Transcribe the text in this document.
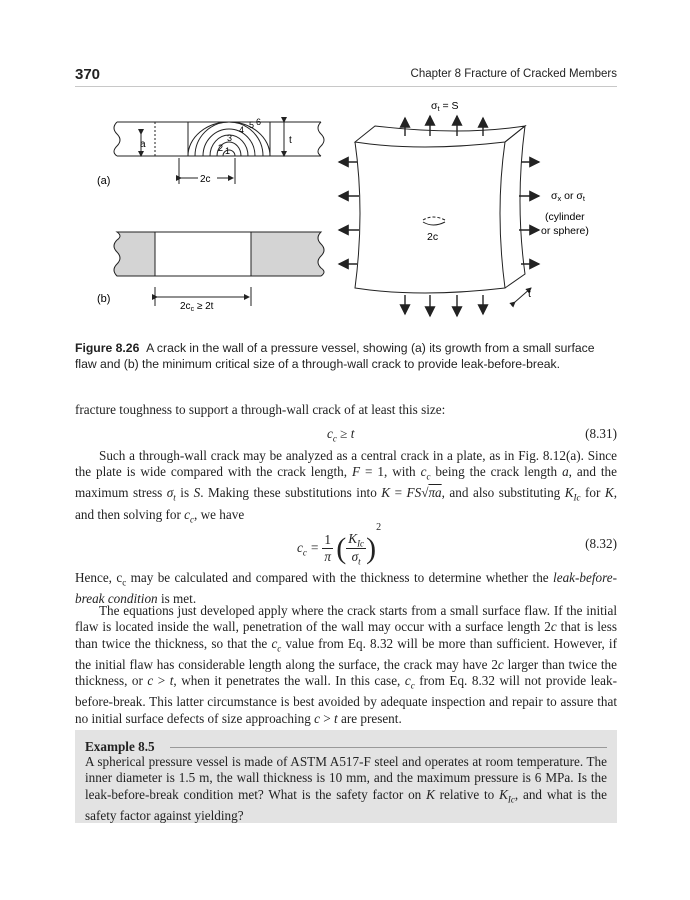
370	Chapter 8 Fracture of Cracked Members
a	t
2c
1
2
3
4 5 6
(a)
(b)
$2c_c \ge 2t$
σt = S
σx or σt
(cylinder
or sphere)
2c
t
Figure 8.26 A crack in the wall of a pressure vessel, showing (a) its growth from a small surface flaw and (b) the minimum critical size of a through-wall crack to provide leak-before-break.
fracture toughness to support a through-wall crack of at least this size:
$c_c \ge t$	(8.31)
Such a through-wall crack may be analyzed as a central crack in a plate, as in Fig. 8.12(a). Since the plate is wide compared with the crack length, F = 1, with $c_c$ being the crack length a, and the maximum stress $\sigma_t$ is S. Making these substitutions into K = FS√πa, and also substituting $K_{Ic}$ for K, and then solving for $c_c$, we have
$c_c = \frac{1}{\pi}$ ( $\frac{K_{Ic}}{\sigma_t} )^2$
(8.32)
Hence, $c_c$ may be calculated and compared with the thickness to determine whether the leak-before-break condition is met.
The equations just developed apply where the crack starts from a small surface flaw. If the initial flaw is located inside the wall, penetration of the wall may occur with a surface length 2c that is less than twice the thickness, so that the $c_c$ value from Eq. 8.32 will be more than sufficient. However, if the initial flaw has considerable length along the surface, the crack may have 2c larger than twice the thickness, or c > t, when it penetrates the wall. In this case, $c_c$ from Eq. 8.32 will not provide leak-before-break. This latter circumstance is best avoided by adequate inspection and repair to assure that no initial surface defects of size approaching c > t are present.
Example 8.5
A spherical pressure vessel is made of ASTM A517-F steel and operates at room temperature. The inner diameter is 1.5 m, the wall thickness is 10 mm, and the maximum pressure is 6 MPa. Is the leak-before-break condition met? What is the safety factor on K relative to $K_{Ic}$, and what is the safety factor against yielding?
